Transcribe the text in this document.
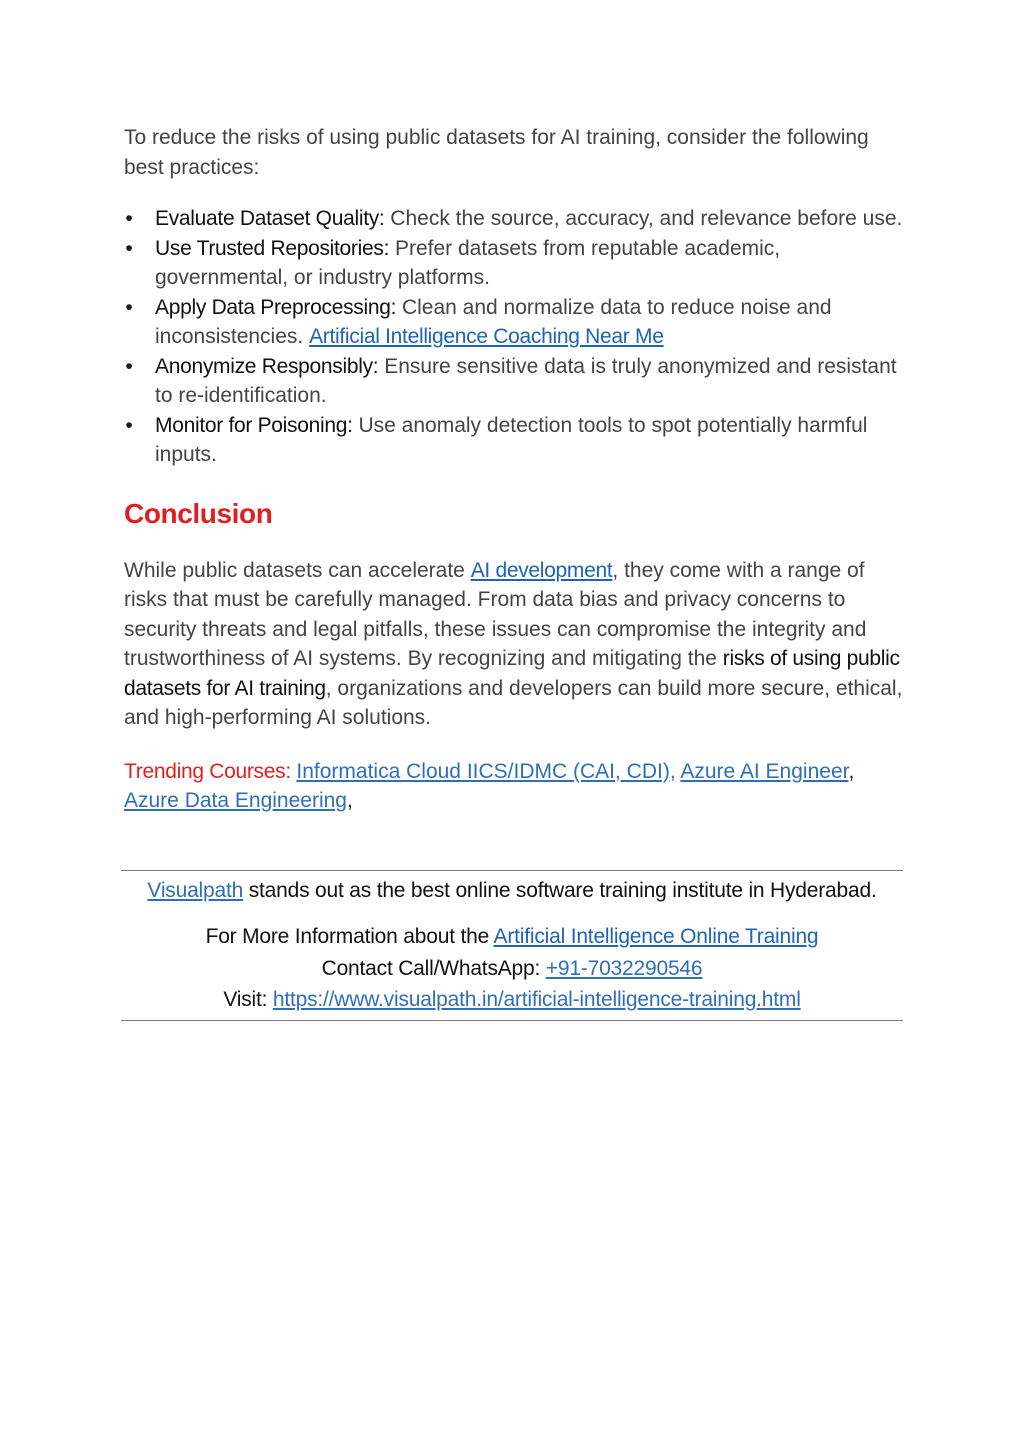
To reduce the risks of using public datasets for AI training, consider the following best practices:

• Evaluate Dataset Quality: Check the source, accuracy, and relevance before use.
• Use Trusted Repositories: Prefer datasets from reputable academic, governmental, or industry platforms.
• Apply Data Preprocessing: Clean and normalize data to reduce noise and inconsistencies. Artificial Intelligence Coaching Near Me
• Anonymize Responsibly: Ensure sensitive data is truly anonymized and resistant to re-identification.
• Monitor for Poisoning: Use anomaly detection tools to spot potentially harmful inputs.
Conclusion

While public datasets can accelerate AI development, they come with a range of risks that must be carefully managed. From data bias and privacy concerns to security threats and legal pitfalls, these issues can compromise the integrity and trustworthiness of AI systems. By recognizing and mitigating the risks of using public datasets for AI training, organizations and developers can build more secure, ethical, and high-performing AI solutions.

Trending Courses: Informatica Cloud IICS/IDMC (CAI, CDI), Azure AI Engineer,
Azure Data Engineering,

Visualpath stands out as the best online software training institute in Hyderabad.

For More Information about the Artificial Intelligence Online Training

Contact Call/WhatsApp: +91-7032290546

Visit: https://www.visualpath.in/artificial-intelligence-training.html
